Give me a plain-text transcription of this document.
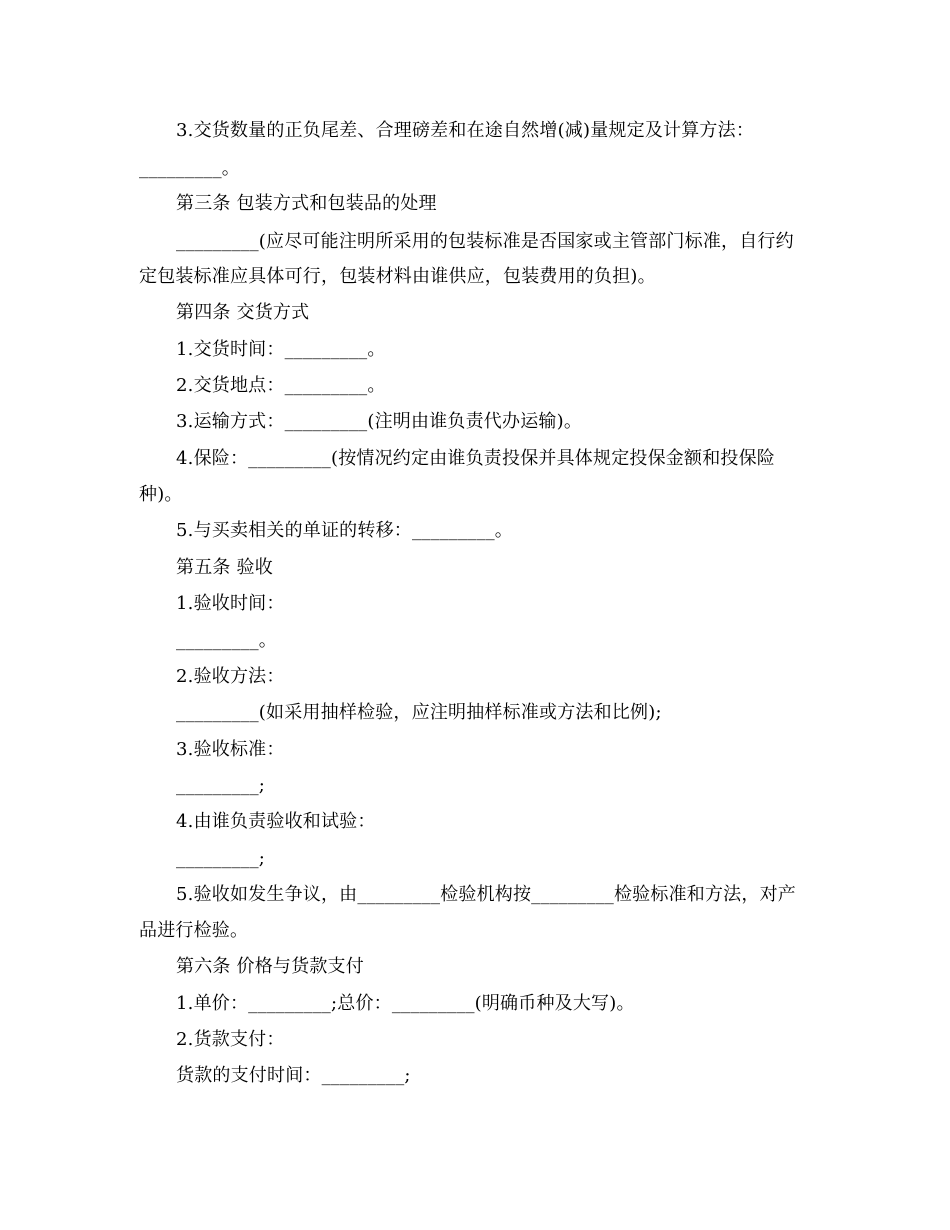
3.交货数量的正负尾差、合理磅差和在途自然增(减)量规定及计算方法：
_________。
第三条 包装方式和包装品的处理
_________(应尽可能注明所采用的包装标准是否国家或主管部门标准，自行约
定包装标准应具体可行，包装材料由谁供应，包装费用的负担)。
第四条 交货方式
1.交货时间：_________。
2.交货地点：_________。
3.运输方式：_________(注明由谁负责代办运输)。
4.保险：_________(按情况约定由谁负责投保并具体规定投保金额和投保险
种)。
5.与买卖相关的单证的转移：_________。
第五条 验收
1.验收时间：
_________。
2.验收方法：
_________(如采用抽样检验，应注明抽样标准或方法和比例);
3.验收标准：
_________;
4.由谁负责验收和试验：
_________;
5.验收如发生争议，由_________检验机构按_________检验标准和方法，对产
品进行检验。
第六条 价格与货款支付
1.单价：_________;总价：_________(明确币种及大写)。
2.货款支付：
货款的支付时间：_________;
